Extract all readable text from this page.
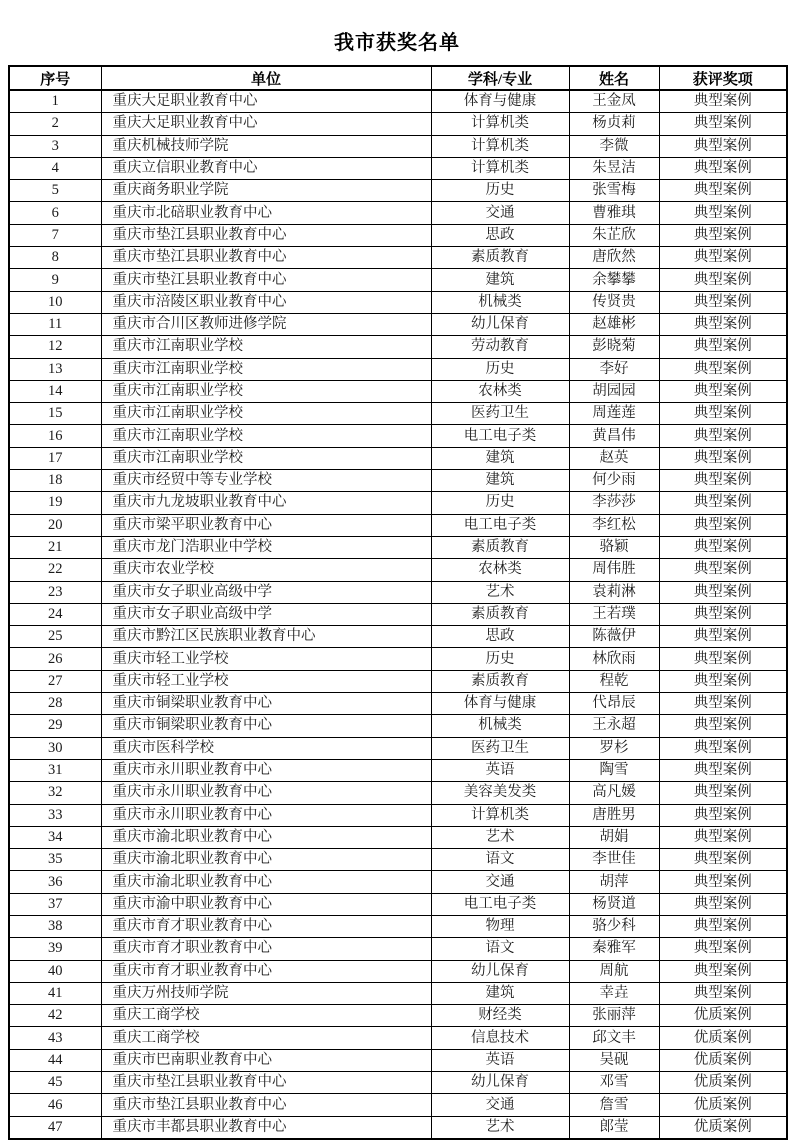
我市获奖名单
序号	单位	学科/专业	姓名	获评奖项
1	重庆大足职业教育中心	体育与健康	王金凤	典型案例
2	重庆大足职业教育中心	计算机类	杨贞莉	典型案例
3	重庆机械技师学院	计算机类	李微	典型案例
4	重庆立信职业教育中心	计算机类	朱昱洁	典型案例
5	重庆商务职业学院	历史	张雪梅	典型案例
6	重庆市北碚职业教育中心	交通	曹雅琪	典型案例
7	重庆市垫江县职业教育中心	思政	朱芷欣	典型案例
8	重庆市垫江县职业教育中心	素质教育	唐欣然	典型案例
9	重庆市垫江县职业教育中心	建筑	余攀攀	典型案例
10	重庆市涪陵区职业教育中心	机械类	传贤贵	典型案例
11	重庆市合川区教师进修学院	幼儿保育	赵雄彬	典型案例
12	重庆市江南职业学校	劳动教育	彭晓菊	典型案例
13	重庆市江南职业学校	历史	李好	典型案例
14	重庆市江南职业学校	农林类	胡园园	典型案例
15	重庆市江南职业学校	医药卫生	周莲莲	典型案例
16	重庆市江南职业学校	电工电子类	黄昌伟	典型案例
17	重庆市江南职业学校	建筑	赵英	典型案例
18	重庆市经贸中等专业学校	建筑	何少雨	典型案例
19	重庆市九龙坡职业教育中心	历史	李莎莎	典型案例
20	重庆市梁平职业教育中心	电工电子类	李红松	典型案例
21	重庆市龙门浩职业中学校	素质教育	骆颖	典型案例
22	重庆市农业学校	农林类	周伟胜	典型案例
23	重庆市女子职业高级中学	艺术	袁莉淋	典型案例
24	重庆市女子职业高级中学	素质教育	王若璞	典型案例
25	重庆市黔江区民族职业教育中心	思政	陈薇伊	典型案例
26	重庆市轻工业学校	历史	林欣雨	典型案例
27	重庆市轻工业学校	素质教育	程乾	典型案例
28	重庆市铜梁职业教育中心	体育与健康	代昂辰	典型案例
29	重庆市铜梁职业教育中心	机械类	王永超	典型案例
30	重庆市医科学校	医药卫生	罗杉	典型案例
31	重庆市永川职业教育中心	英语	陶雪	典型案例
32	重庆市永川职业教育中心	美容美发类	高凡媛	典型案例
33	重庆市永川职业教育中心	计算机类	唐胜男	典型案例
34	重庆市渝北职业教育中心	艺术	胡娟	典型案例
35	重庆市渝北职业教育中心	语文	李世佳	典型案例
36	重庆市渝北职业教育中心	交通	胡萍	典型案例
37	重庆市渝中职业教育中心	电工电子类	杨贤道	典型案例
38	重庆市育才职业教育中心	物理	骆少科	典型案例
39	重庆市育才职业教育中心	语文	秦雅军	典型案例
40	重庆市育才职业教育中心	幼儿保育	周航	典型案例
41	重庆万州技师学院	建筑	幸垚	典型案例
42	重庆工商学校	财经类	张丽萍	优质案例
43	重庆工商学校	信息技术	邱文丰	优质案例
44	重庆市巴南职业教育中心	英语	吴砚	优质案例
45	重庆市垫江县职业教育中心	幼儿保育	邓雪	优质案例
46	重庆市垫江县职业教育中心	交通	詹雪	优质案例
47	重庆市丰都县职业教育中心	艺术	郎莹	优质案例
